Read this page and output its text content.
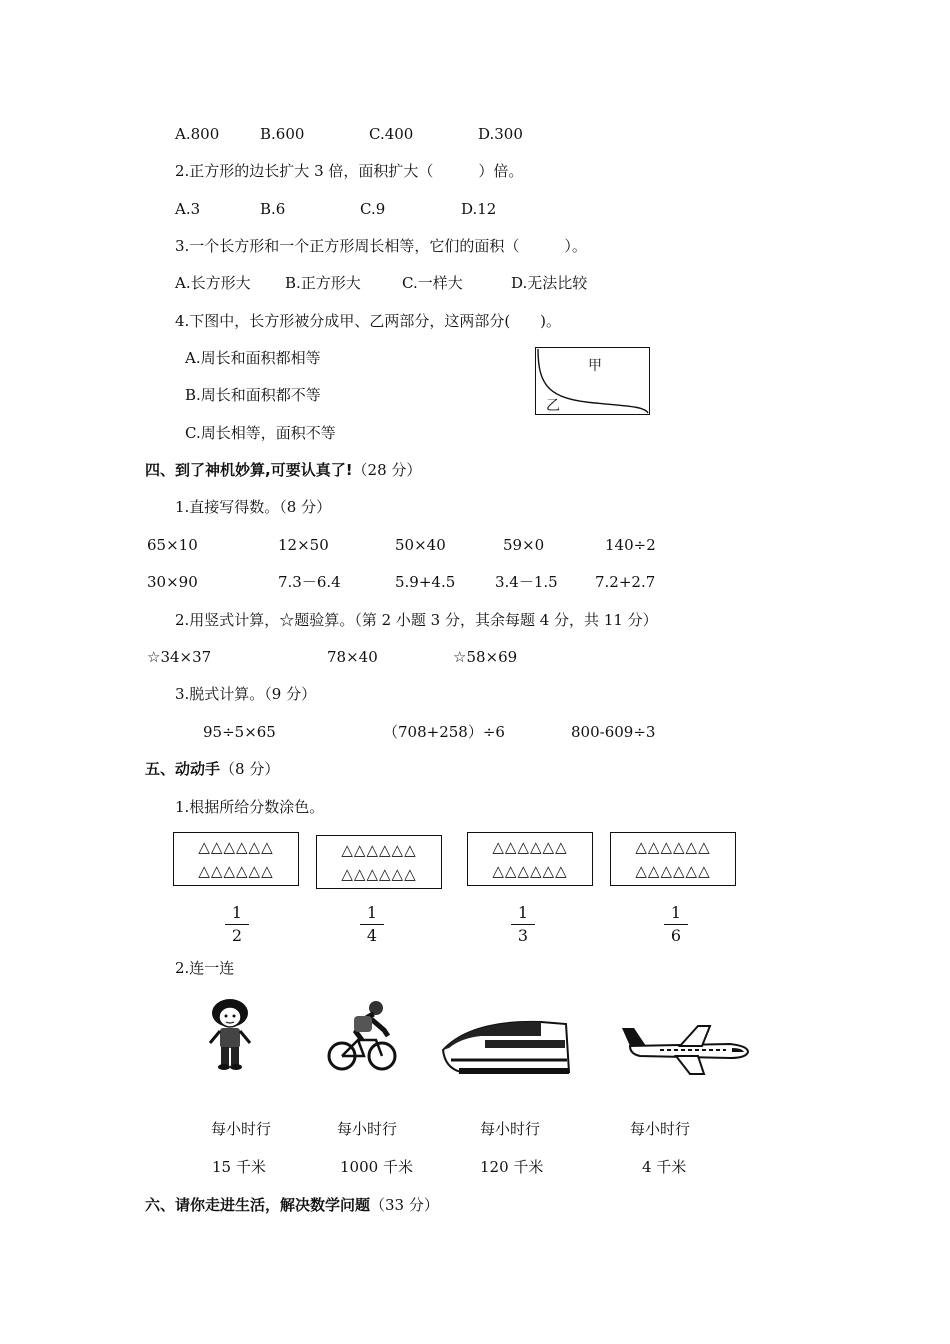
A.800	B.600	C.400	D.300
2.正方形的边长扩大 3 倍，面积扩大（　　　）倍。
A.3	B.6	C.9	D.12
3.一个长方形和一个正方形周长相等，它们的面积（　　　）。
A.长方形大 B.正方形大	C.一样大	D.无法比较
4.下图中，长方形被分成甲、乙两部分，这两部分(　　)。
A.周长和面积都相等
B.周长和面积都不等
C.周长相等，面积不等
甲
乙
四、到了神机妙算,可要认真了!（28 分）
1.直接写得数。（8 分）
65×10	12×50	50×40	59×0	140÷2
30×90	7.3－6.4	5.9+4.5	3.4－1.5 7.2+2.7
2.用竖式计算，☆题验算。（第 2 小题 3 分，其余每题 4 分，共 11 分）
☆34×37	78×40	☆58×69
3.脱式计算。（9 分）
95÷5×65	（708+258）÷6	800-609÷3
五、动动手（8 分）
1.根据所给分数涂色。
△△△△△△
△△△△△△
△△△△△△
△△△△△△
△△△△△△
△△△△△△
△△△△△△
△△△△△△
1
2
1
4
1
3
1
6
2.连一连
每小时行	每小时行	每小时行	每小时行
15 千米	1000 千米	120 千米	4 千米
六、请你走进生活，解决数学问题（33 分）
